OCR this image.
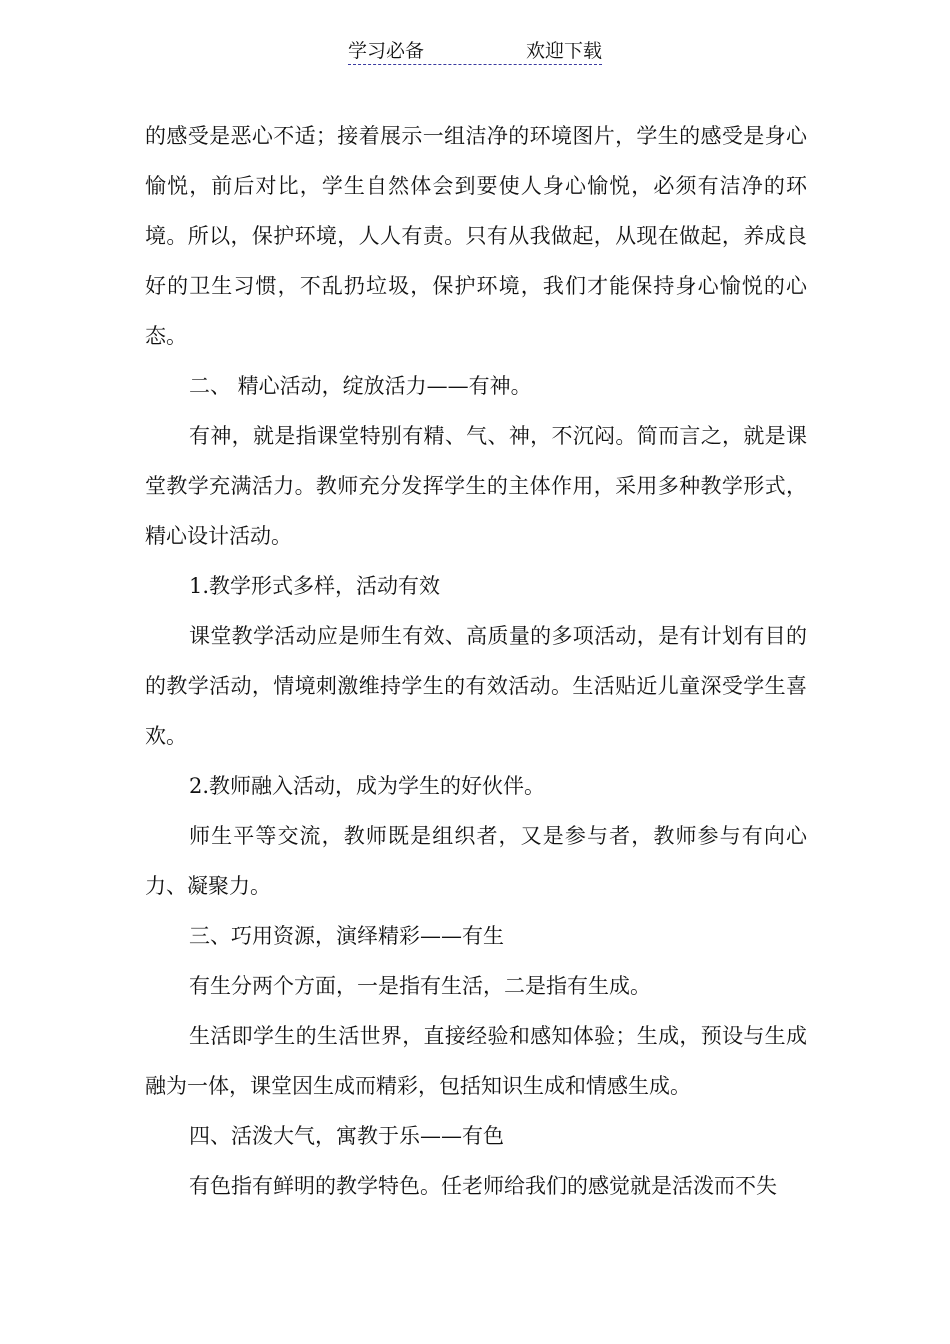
学习必备	欢迎下载

的感受是恶心不适；接着展示一组洁净的环境图片，学生的感受是身心愉悦，前后对比，学生自然体会到要使人身心愉悦，必须有洁净的环境。所以，保护环境，人人有责。只有从我做起，从现在做起，养成良好的卫生习惯，不乱扔垃圾，保护环境，我们才能保持身心愉悦的心态。

二、 精心活动，绽放活力——有神。

有神，就是指课堂特别有精、气、神，不沉闷。简而言之，就是课堂教学充满活力。教师充分发挥学生的主体作用，采用多种教学形式，精心设计活动。

1.教学形式多样，活动有效

课堂教学活动应是师生有效、高质量的多项活动，是有计划有目的的教学活动，情境刺激维持学生的有效活动。生活贴近儿童深受学生喜欢。

2.教师融入活动，成为学生的好伙伴。

师生平等交流，教师既是组织者，又是参与者，教师参与有向心力、凝聚力。

三、巧用资源，演绎精彩——有生

有生分两个方面，一是指有生活，二是指有生成。

生活即学生的生活世界，直接经验和感知体验；生成，预设与生成融为一体，课堂因生成而精彩，包括知识生成和情感生成。

四、活泼大气，寓教于乐——有色

有色指有鲜明的教学特色。任老师给我们的感觉就是活泼而不失
